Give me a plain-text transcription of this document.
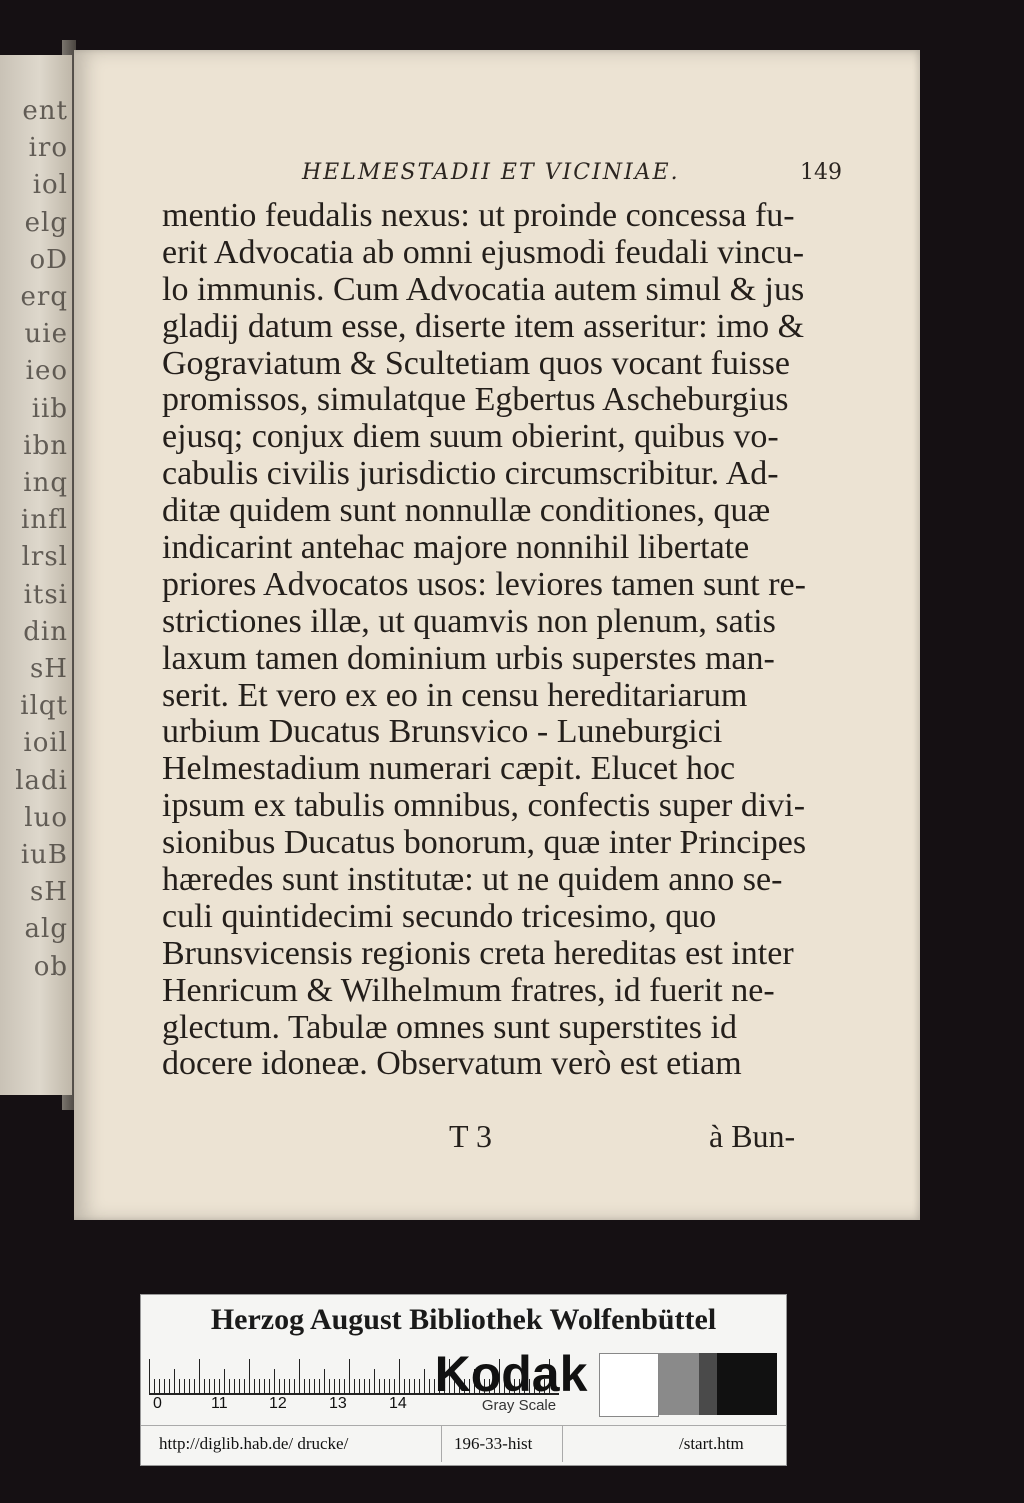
ent
iro
iol
elg
oD
erq
uie
ieo
iib
ibn
inq
infl
lrsl
itsi
din
sH
ilqt
ioil
ladi
luo
iuB
sH
alg
ob
HELMESTADII ET VICINIAE.	149
mentio feudalis nexus: ut proinde concessa fu-
erit Advocatia ab omni ejusmodi feudali vincu-
lo immunis. Cum Advocatia autem simul & jus
gladij datum esse, diserte item asseritur: imo &
Gograviatum & Scultetiam quos vocant fuisse
promissos, simulatque Egbertus Ascheburgius
ejusq; conjux diem suum obierint, quibus vo-
cabulis civilis jurisdictio circumscribitur. Ad-
ditæ quidem sunt nonnullæ conditiones, quæ
indicarint antehac majore nonnihil libertate
priores Advocatos usos: leviores tamen sunt re-
strictiones illæ, ut quamvis non plenum, satis
laxum tamen dominium urbis superstes man-
serit. Et vero ex eo in censu hereditariarum
urbium Ducatus Brunsvico - Luneburgici
Helmestadium numerari cæpit. Elucet hoc
ipsum ex tabulis omnibus, confectis super divi-
sionibus Ducatus bonorum, quæ inter Principes
hæredes sunt institutæ: ut ne quidem anno se-
culi quintidecimi secundo tricesimo, quo
Brunsvicensis regionis creta hereditas est inter
Henricum & Wilhelmum fratres, id fuerit ne-
glectum. Tabulæ omnes sunt superstites id
docere idoneæ. Observatum verò est etiam
T 3	à Bun-
Herzog August Bibliothek Wolfenbüttel
0	11	12	13	14
Kodak
Gray Scale
http://diglib.hab.de/ drucke/	196-33-hist	/start.htm
